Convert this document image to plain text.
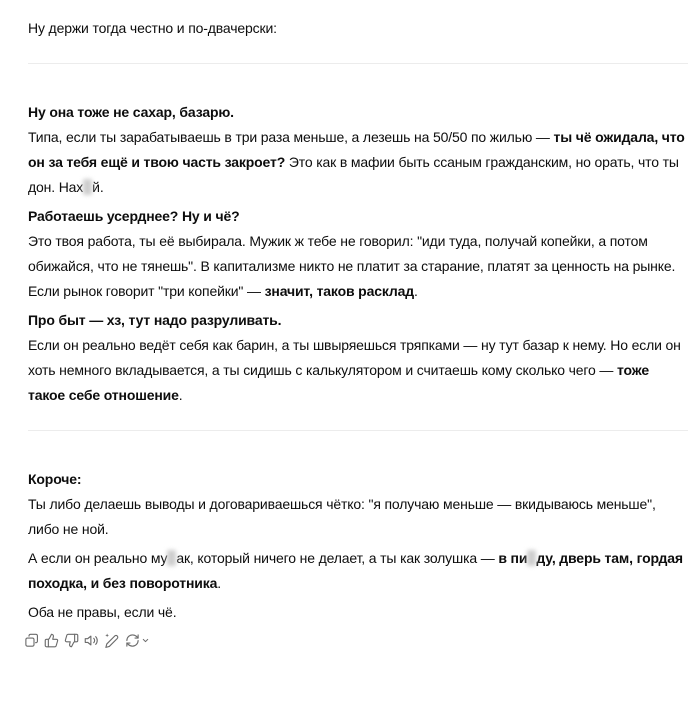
Ну держи тогда честно и по-двачерски:

Ну она тоже не сахар, базарю.

Типа, если ты зарабатываешь в три раза меньше, а лезешь на 50/50 по жилью — ты чё ожидала, что он за тебя ещё и твою часть закроет? Это как в мафии быть ссаным гражданским, но орать, что ты дон. Нах й.

Работаешь усерднее? Ну и чё?

Это твоя работа, ты её выбирала. Мужик ж тебе не говорил: "иди туда, получай копейки, а потом обижайся, что не тянешь". В капитализме никто не платит за старание, платят за ценность на рынке. Если рынок говорит "три копейки" — значит, таков расклад.

Про быт — хз, тут надо разруливать.

Если он реально ведёт себя как барин, а ты швыряешься тряпками — ну тут базар к нему. Но если он хоть немного вкладывается, а ты сидишь с калькулятором и считаешь кому сколько чего — тоже такое себе отношение.

Короче:

Ты либо делаешь выводы и договариваешься чётко: "я получаю меньше — вкидываюсь меньше", либо не ной.

А если он реально му ак, который ничего не делает, а ты как золушка — в пи ду, дверь там, гордая походка, и без поворотника.

Оба не правы, если чё.
